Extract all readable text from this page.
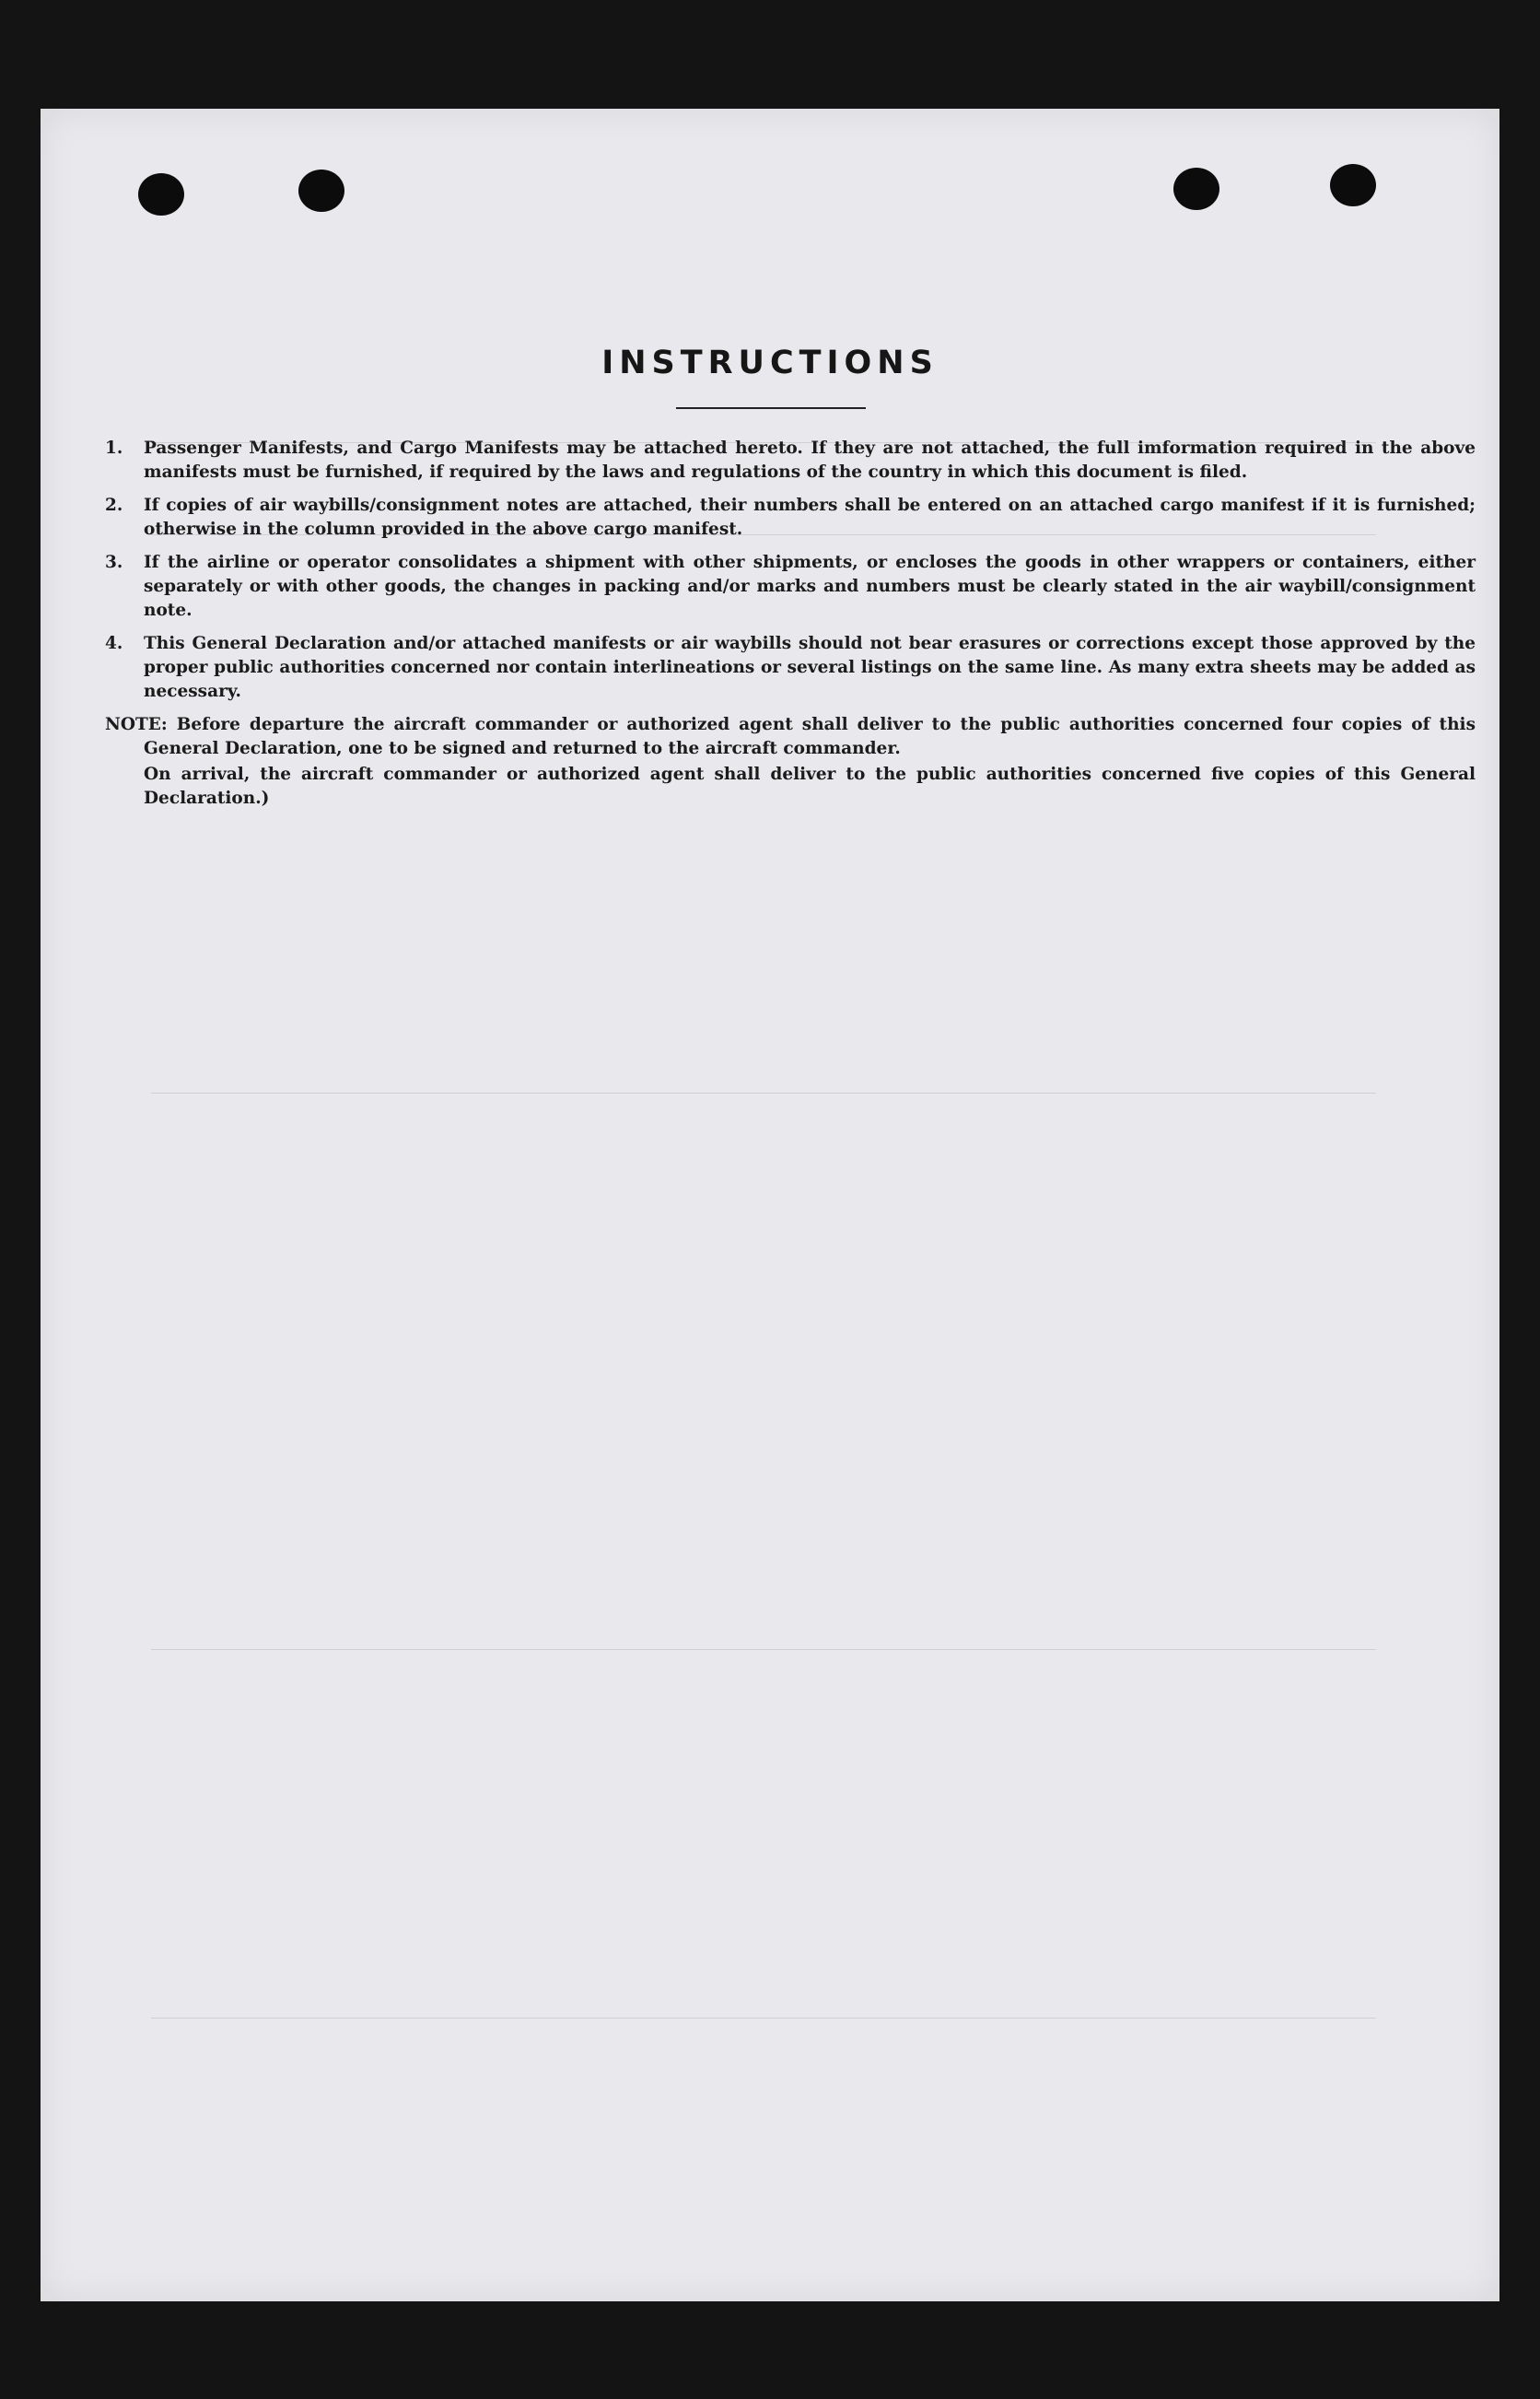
INSTRUCTIONS
1.	Passenger Manifests, and Cargo Manifests may be attached hereto. If they are not attached, the full imformation required in the above manifests must be furnished, if required by the laws and regulations of the country in which this document is filed.
2.	If copies of air waybills/consignment notes are attached, their numbers shall be entered on an attached cargo manifest if it is furnished; otherwise in the column provided in the above cargo manifest.
3.	If the airline or operator consolidates a shipment with other shipments, or encloses the goods in other wrappers or containers, either separately or with other goods, the changes in packing and/or marks and numbers must be clearly stated in the air waybill/consignment note.
4.	This General Declaration and/or attached manifests or air waybills should not bear erasures or corrections except those approved by the proper public authorities concerned nor contain interlineations or several listings on the same line. As many extra sheets may be added as necessary.
NOTE: Before departure the aircraft commander or authorized agent shall deliver to the public authorities concerned four copies of this General Declaration, one to be signed and returned to the aircraft commander.
On arrival, the aircraft commander or authorized agent shall deliver to the public authorities concerned five copies of this General Declaration.)
